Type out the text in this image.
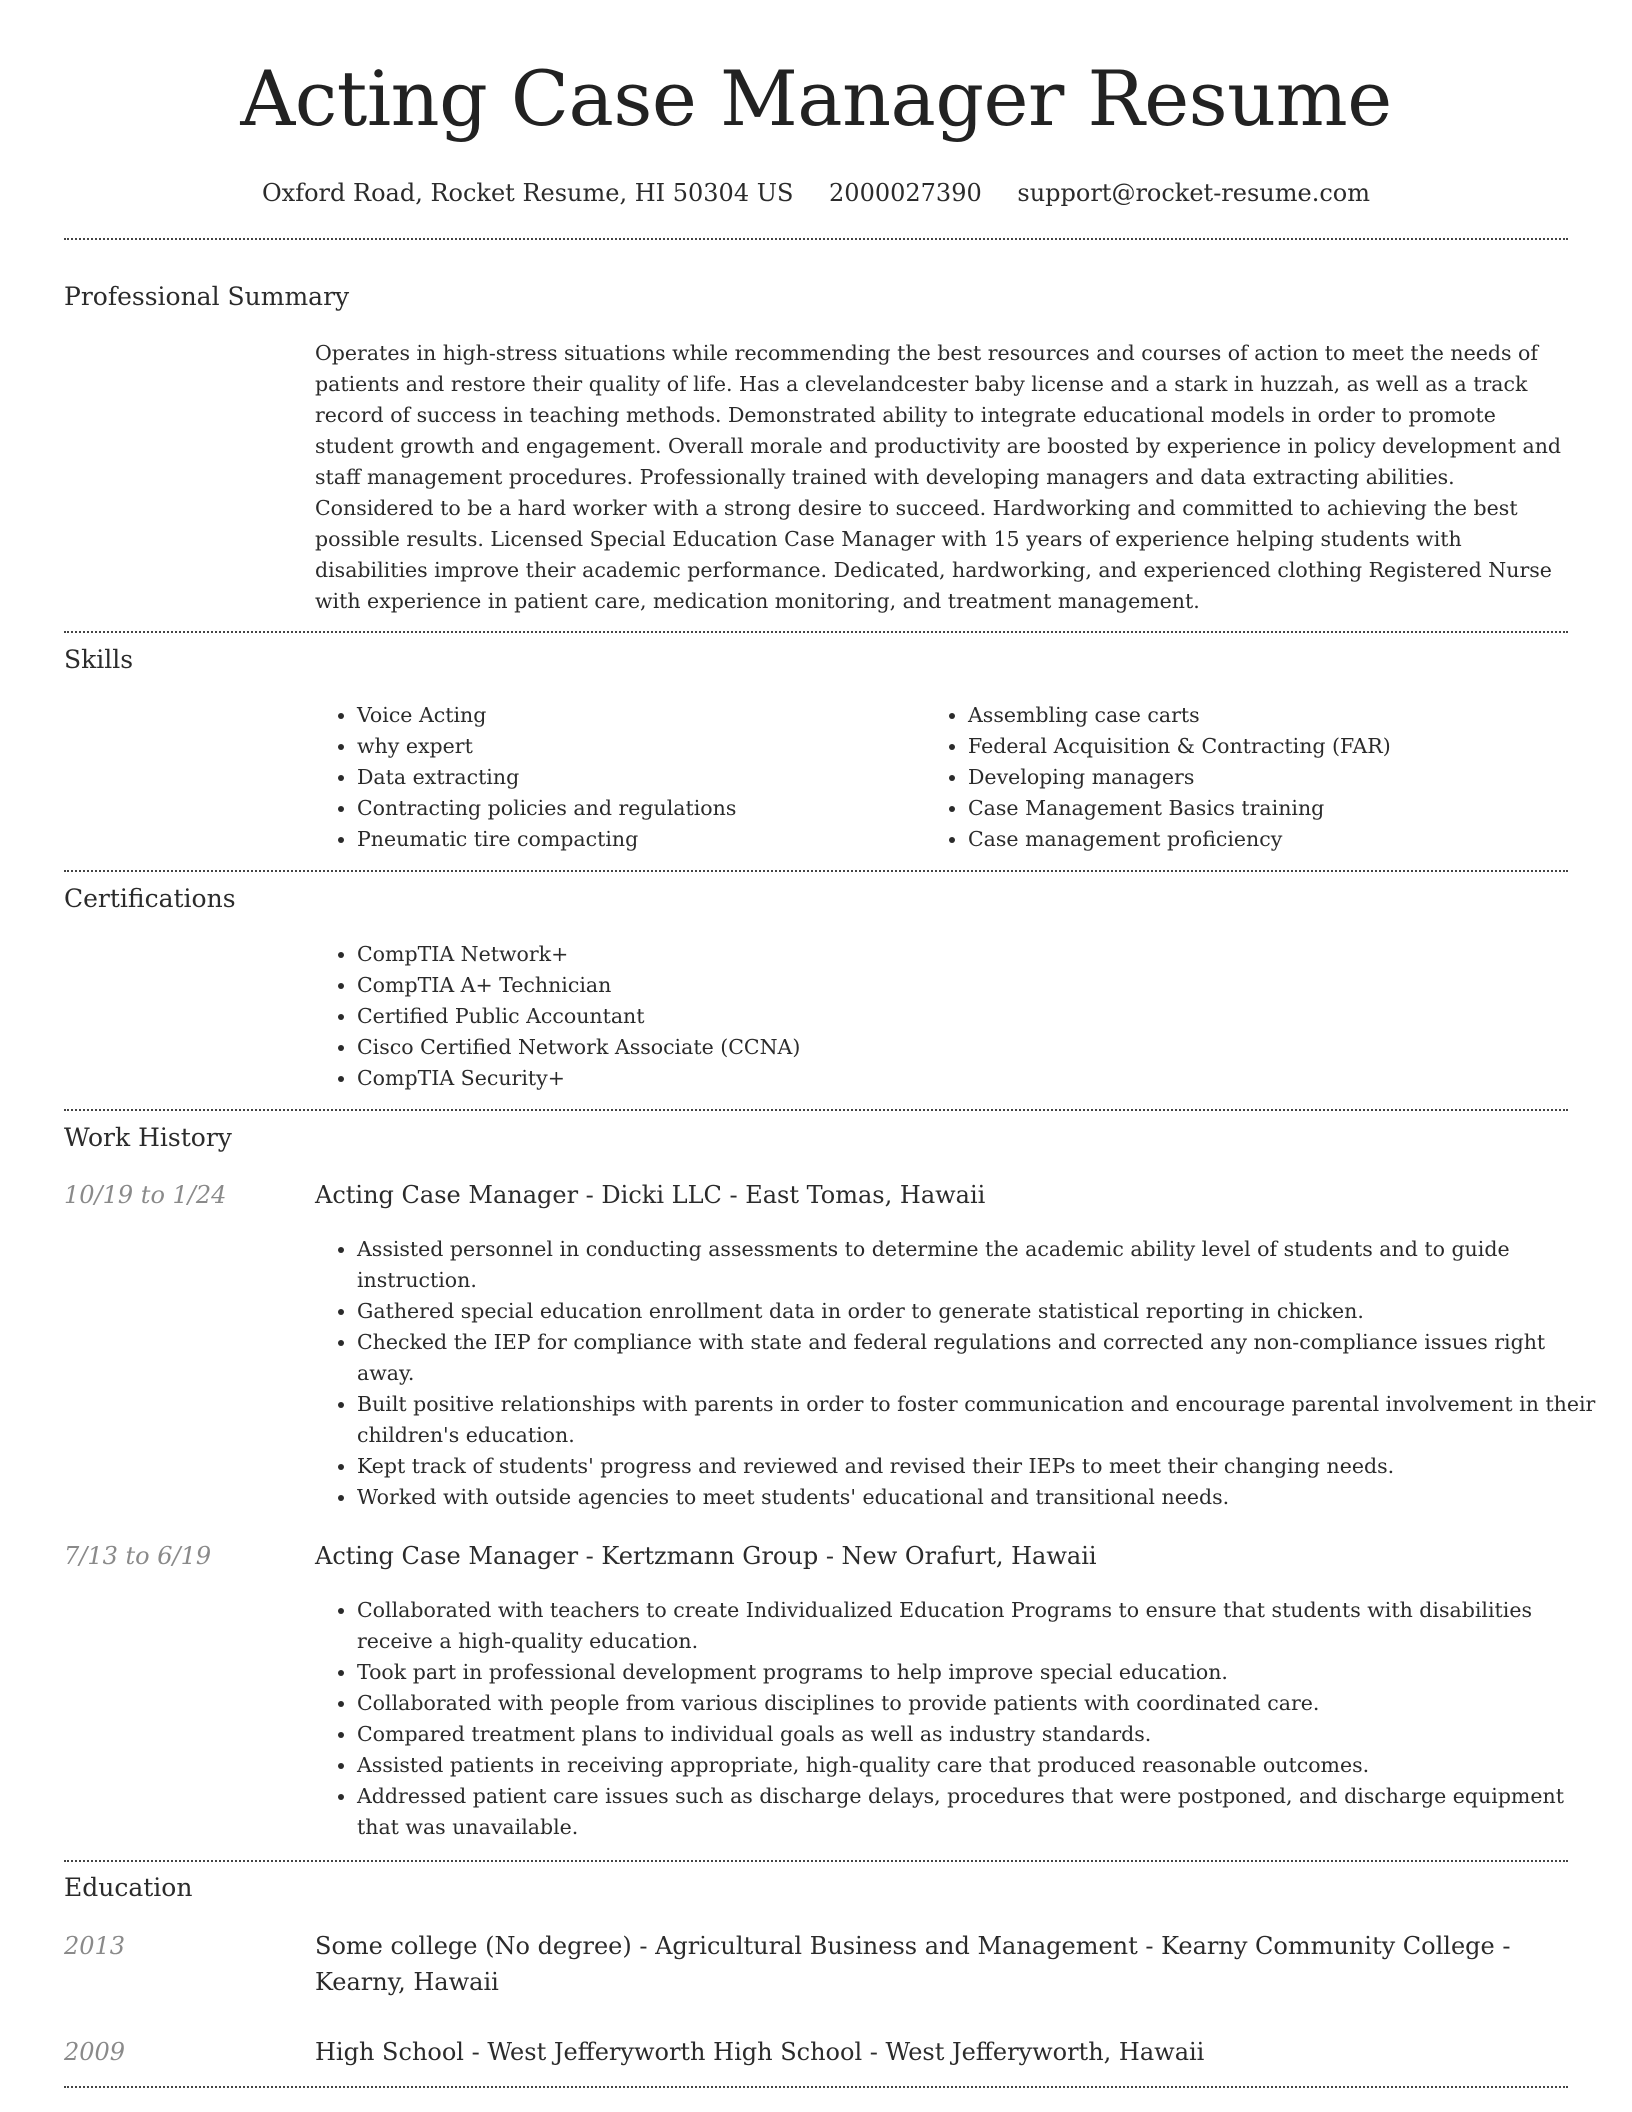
Acting Case Manager Resume
Oxford Road, Rocket Resume, HI 50304 US 2000027390 support@rocket-resume.com
Professional Summary
Operates in high-stress situations while recommending the best resources and courses of action to meet the needs of patients and restore their quality of life. Has a clevelandcester baby license and a stark in huzzah, as well as a track record of success in teaching methods. Demonstrated ability to integrate educational models in order to promote student growth and engagement. Overall morale and productivity are boosted by experience in policy development and staff management procedures. Professionally trained with developing managers and data extracting abilities. Considered to be a hard worker with a strong desire to succeed. Hardworking and committed to achieving the best possible results. Licensed Special Education Case Manager with 15 years of experience helping students with disabilities improve their academic performance. Dedicated, hardworking, and experienced clothing Registered Nurse with experience in patient care, medication monitoring, and treatment management.
Skills
• Voice Acting
• why expert
• Data extracting
• Contracting policies and regulations
• Pneumatic tire compacting
• Assembling case carts
• Federal Acquisition & Contracting (FAR)
• Developing managers
• Case Management Basics training
• Case management proficiency
Certifications
• CompTIA Network+
• CompTIA A+ Technician
• Certified Public Accountant
• Cisco Certified Network Associate (CCNA)
• CompTIA Security+
Work History
10/19 to 1/24	Acting Case Manager - Dicki LLC - East Tomas, Hawaii
• Assisted personnel in conducting assessments to determine the academic ability level of students and to guide instruction.
• Gathered special education enrollment data in order to generate statistical reporting in chicken.
• Checked the IEP for compliance with state and federal regulations and corrected any non-compliance issues right away.
• Built positive relationships with parents in order to foster communication and encourage parental involvement in their children's education.
• Kept track of students' progress and reviewed and revised their IEPs to meet their changing needs.
• Worked with outside agencies to meet students' educational and transitional needs.
7/13 to 6/19	Acting Case Manager - Kertzmann Group - New Orafurt, Hawaii
• Collaborated with teachers to create Individualized Education Programs to ensure that students with disabilities receive a high-quality education.
• Took part in professional development programs to help improve special education.
• Collaborated with people from various disciplines to provide patients with coordinated care.
• Compared treatment plans to individual goals as well as industry standards.
• Assisted patients in receiving appropriate, high-quality care that produced reasonable outcomes.
• Addressed patient care issues such as discharge delays, procedures that were postponed, and discharge equipment that was unavailable.
Education
2013	Some college (No degree) - Agricultural Business and Management - Kearny Community College - Kearny, Hawaii
2009	High School - West Jefferyworth High School - West Jefferyworth, Hawaii
